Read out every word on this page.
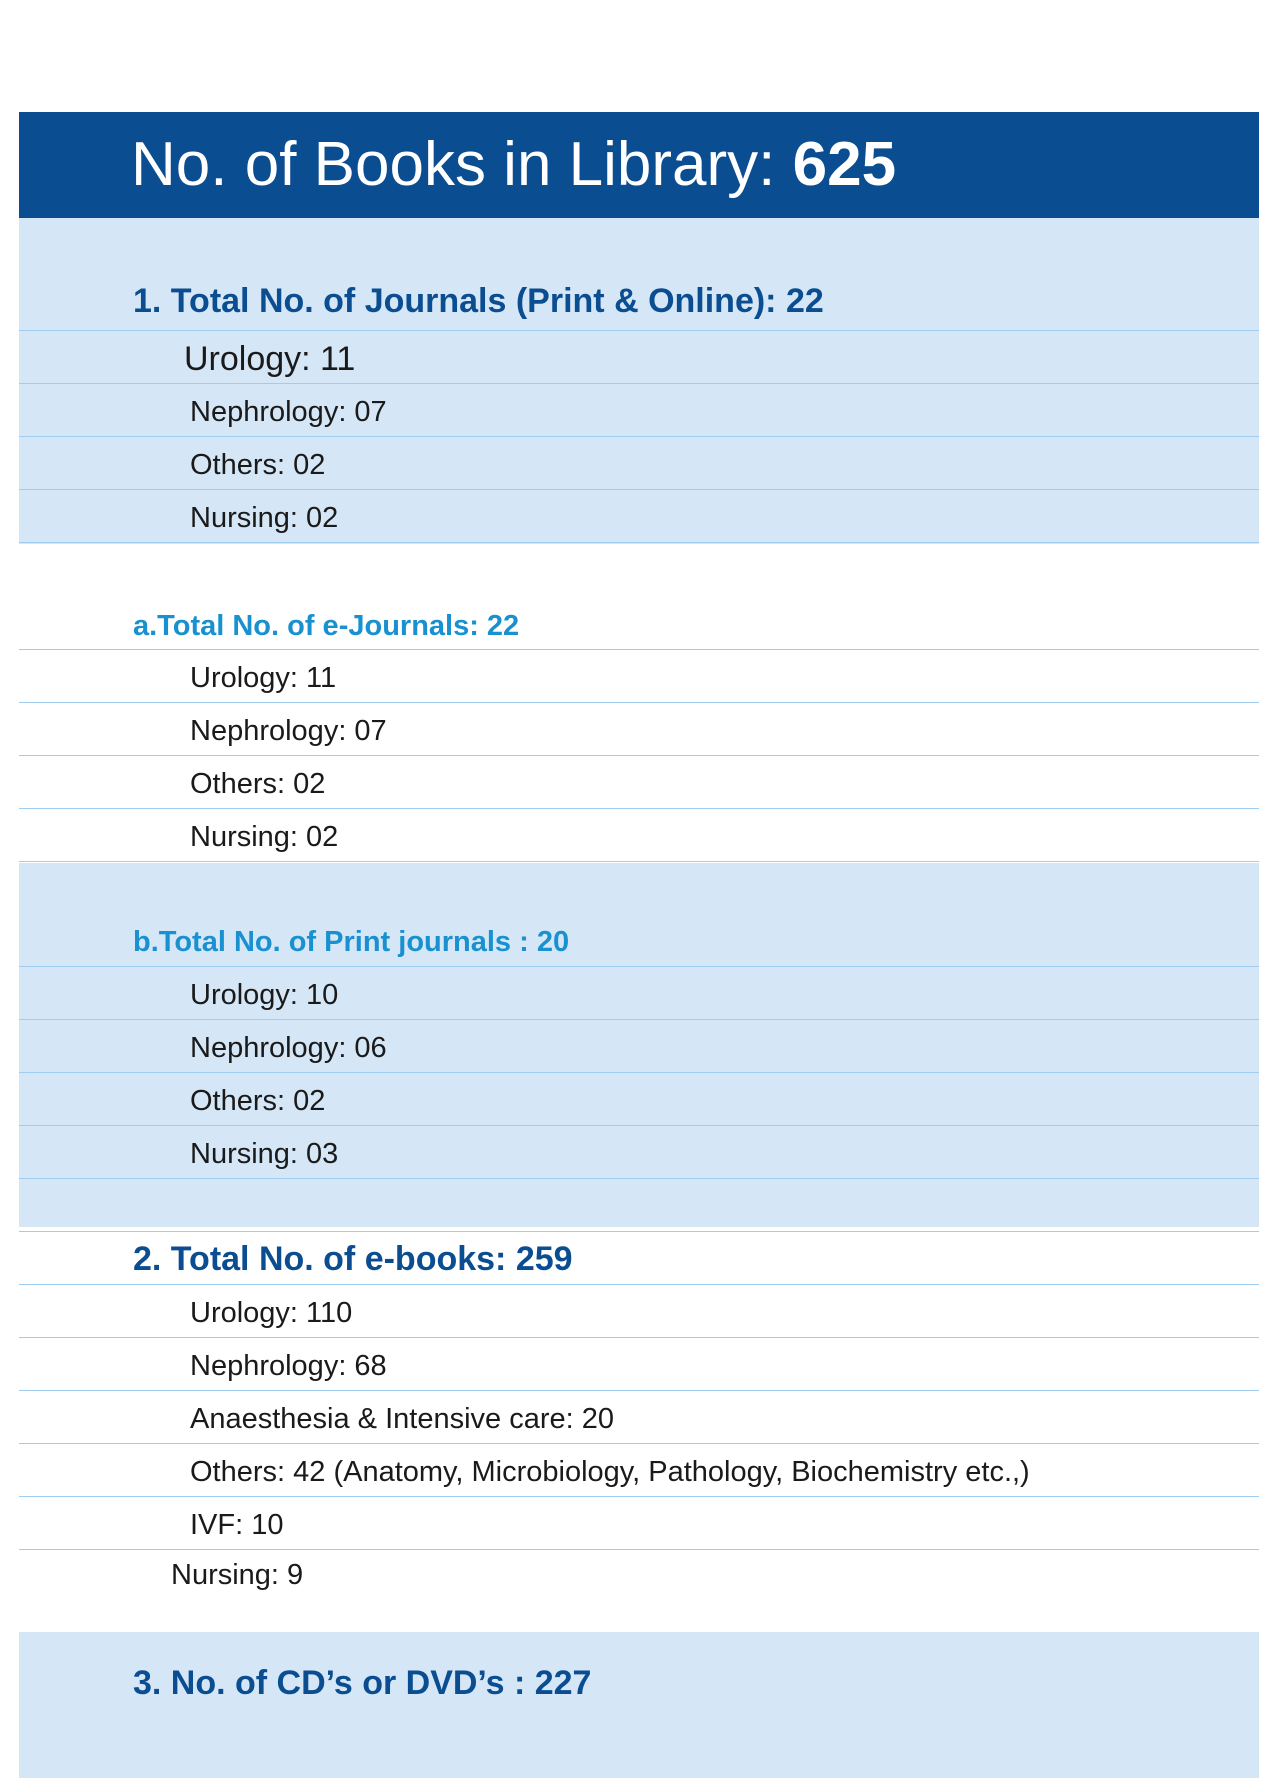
No. of Books in Library: 625
1. Total No. of Journals (Print & Online): 22
Urology: 11
Nephrology: 07
Others: 02
Nursing: 02
a.Total No. of e-Journals: 22
Urology: 11
Nephrology: 07
Others: 02
Nursing: 02
b.Total No. of Print journals : 20
Urology: 10
Nephrology: 06
Others: 02
Nursing: 03
2. Total No. of e-books: 259
Urology: 110
Nephrology: 68
Anaesthesia & Intensive care: 20
Others: 42 (Anatomy, Microbiology, Pathology, Biochemistry etc.,)
IVF: 10
Nursing: 9
3. No. of CD’s or DVD’s : 227
